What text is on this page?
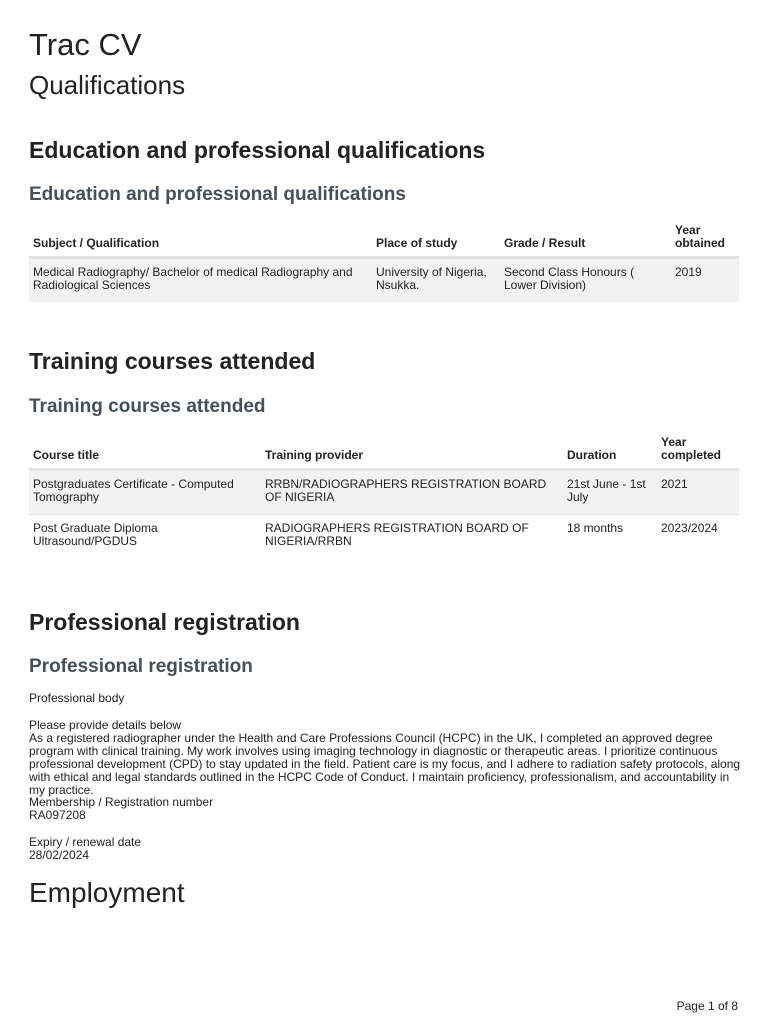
Trac CV
Qualifications
Education and professional qualifications
Education and professional qualifications
Subject / Qualification	Place of study	Grade / Result	Year obtained
Medical Radiography/ Bachelor of medical Radiography and Radiological Sciences	University of Nigeria, Nsukka.	Second Class Honours ( Lower Division)	2019
Training courses attended
Training courses attended
Course title	Training provider	Duration	Year completed
Postgraduates Certificate - Computed Tomography	RRBN/RADIOGRAPHERS REGISTRATION BOARD OF NIGERIA	21st June - 1st July	2021
Post Graduate Diploma Ultrasound/PGDUS	RADIOGRAPHERS REGISTRATION BOARD OF NIGERIA/RRBN	18 months	2023/2024
Professional registration
Professional registration
Professional body
Please provide details below
As a registered radiographer under the Health and Care Professions Council (HCPC) in the UK, I completed an approved degree program with clinical training. My work involves using imaging technology in diagnostic or therapeutic areas. I prioritize continuous professional development (CPD) to stay updated in the field. Patient care is my focus, and I adhere to radiation safety protocols, along with ethical and legal standards outlined in the HCPC Code of Conduct. I maintain proficiency, professionalism, and accountability in my practice.
Membership / Registration number
RA097208
Expiry / renewal date
28/02/2024
Employment
Page 1 of 8
